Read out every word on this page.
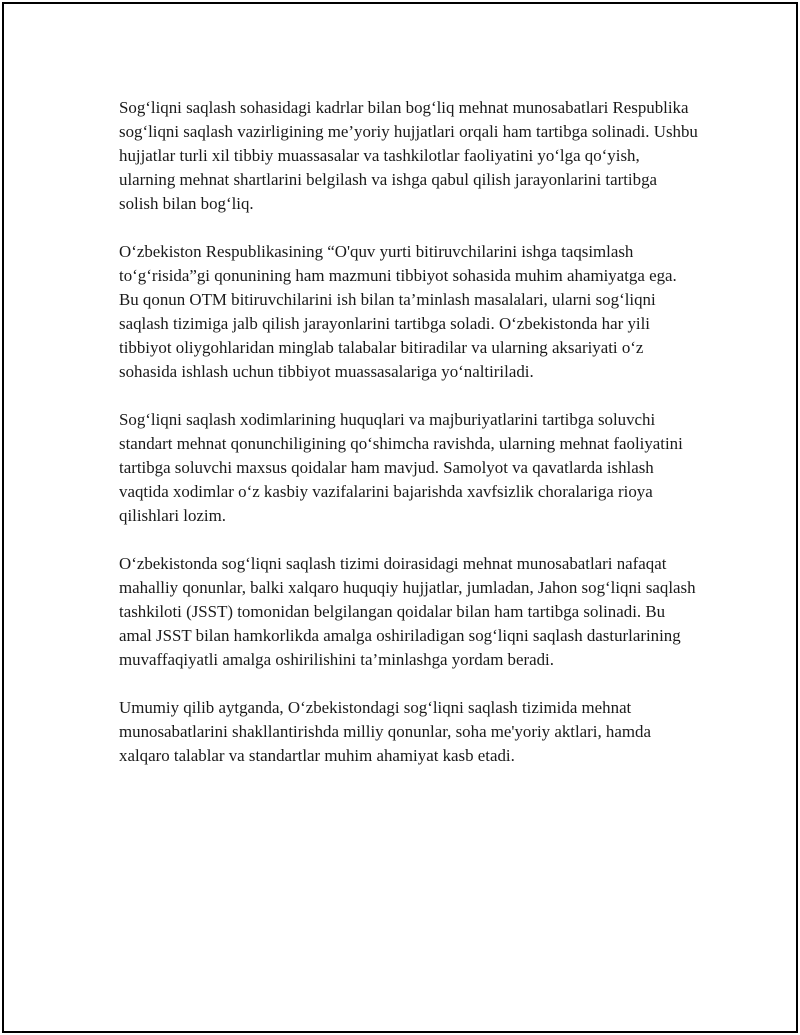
Sog‘liqni saqlash sohasidagi kadrlar bilan bog‘liq mehnat munosabatlari Respublika sog‘liqni saqlash vazirligining me’yoriy hujjatlari orqali ham tartibga solinadi. Ushbu hujjatlar turli xil tibbiy muassasalar va tashkilotlar faoliyatini yo‘lga qo‘yish, ularning mehnat shartlarini belgilash va ishga qabul qilish jarayonlarini tartibga solish bilan bog‘liq.

O‘zbekiston Respublikasining “O'quv yurti bitiruvchilarini ishga taqsimlash to‘g‘risida”gi qonunining ham mazmuni tibbiyot sohasida muhim ahamiyatga ega. Bu qonun OTM bitiruvchilarini ish bilan ta’minlash masalalari, ularni sog‘liqni saqlash tizimiga jalb qilish jarayonlarini tartibga soladi. O‘zbekistonda har yili tibbiyot oliygohlaridan minglab talabalar bitiradilar va ularning aksariyati o‘z sohasida ishlash uchun tibbiyot muassasalariga yo‘naltiriladi.

Sog‘liqni saqlash xodimlarining huquqlari va majburiyatlarini tartibga soluvchi standart mehnat qonunchiligining qo‘shimcha ravishda, ularning mehnat faoliyatini tartibga soluvchi maxsus qoidalar ham mavjud. Samolyot va qavatlarda ishlash vaqtida xodimlar o‘z kasbiy vazifalarini bajarishda xavfsizlik choralariga rioya qilishlari lozim.

O‘zbekistonda sog‘liqni saqlash tizimi doirasidagi mehnat munosabatlari nafaqat mahalliy qonunlar, balki xalqaro huquqiy hujjatlar, jumladan, Jahon sog‘liqni saqlash tashkiloti (JSST) tomonidan belgilangan qoidalar bilan ham tartibga solinadi. Bu amal JSST bilan hamkorlikda amalga oshiriladigan sog‘liqni saqlash dasturlarining muvaffaqiyatli amalga oshirilishini ta’minlashga yordam beradi.

Umumiy qilib aytganda, O‘zbekistondagi sog‘liqni saqlash tizimida mehnat munosabatlarini shakllantirishda milliy qonunlar, soha me'yoriy aktlari, hamda xalqaro talablar va standartlar muhim ahamiyat kasb etadi.
